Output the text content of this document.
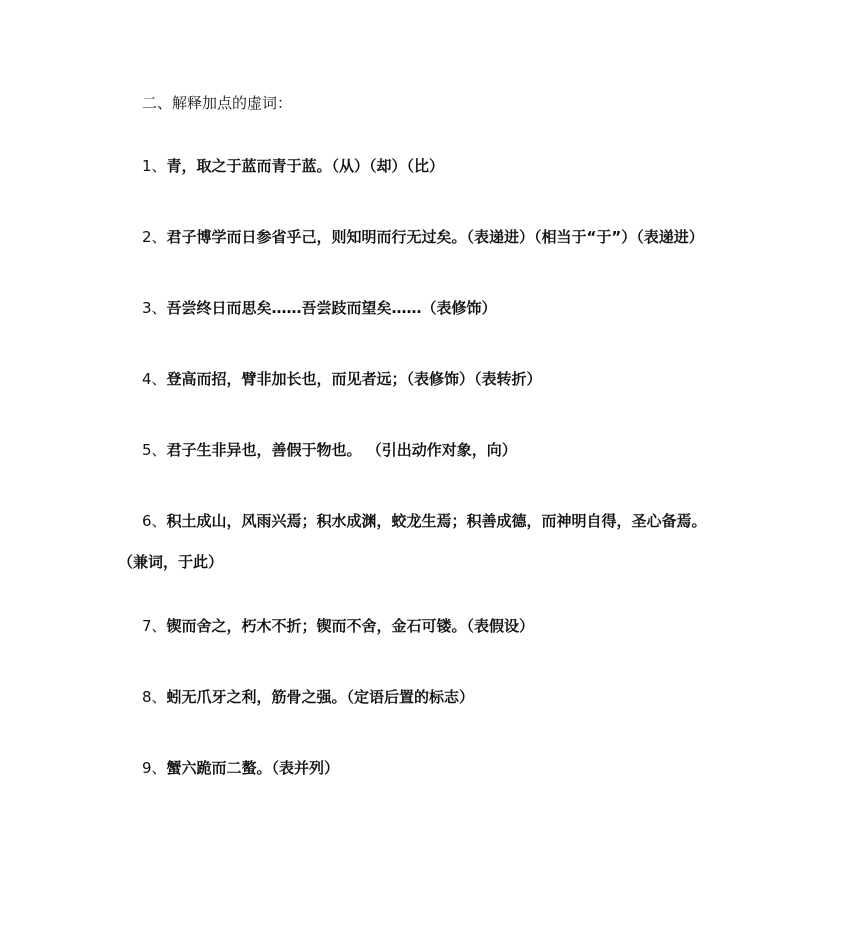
二、解释加点的虚词：
1、青，取之于蓝而青于蓝。（从）（却）（比）
2、君子博学而日参省乎己，则知明而行无过矣。（表递进）（相当于“于”）（表递进）
3、吾尝终日而思矣……吾尝跂而望矣……（表修饰）
4、登高而招，臂非加长也，而见者远；（表修饰）（表转折）
5、君子生非异也，善假于物也。 （引出动作对象，向）
6、积土成山，风雨兴焉；积水成渊，蛟龙生焉；积善成德，而神明自得，圣心备焉。
（兼词，于此）
7、锲而舍之，朽木不折；锲而不舍，金石可镂。（表假设）
8、蚓无爪牙之利，筋骨之强。（定语后置的标志）
9、蟹六跪而二螯。（表并列）
